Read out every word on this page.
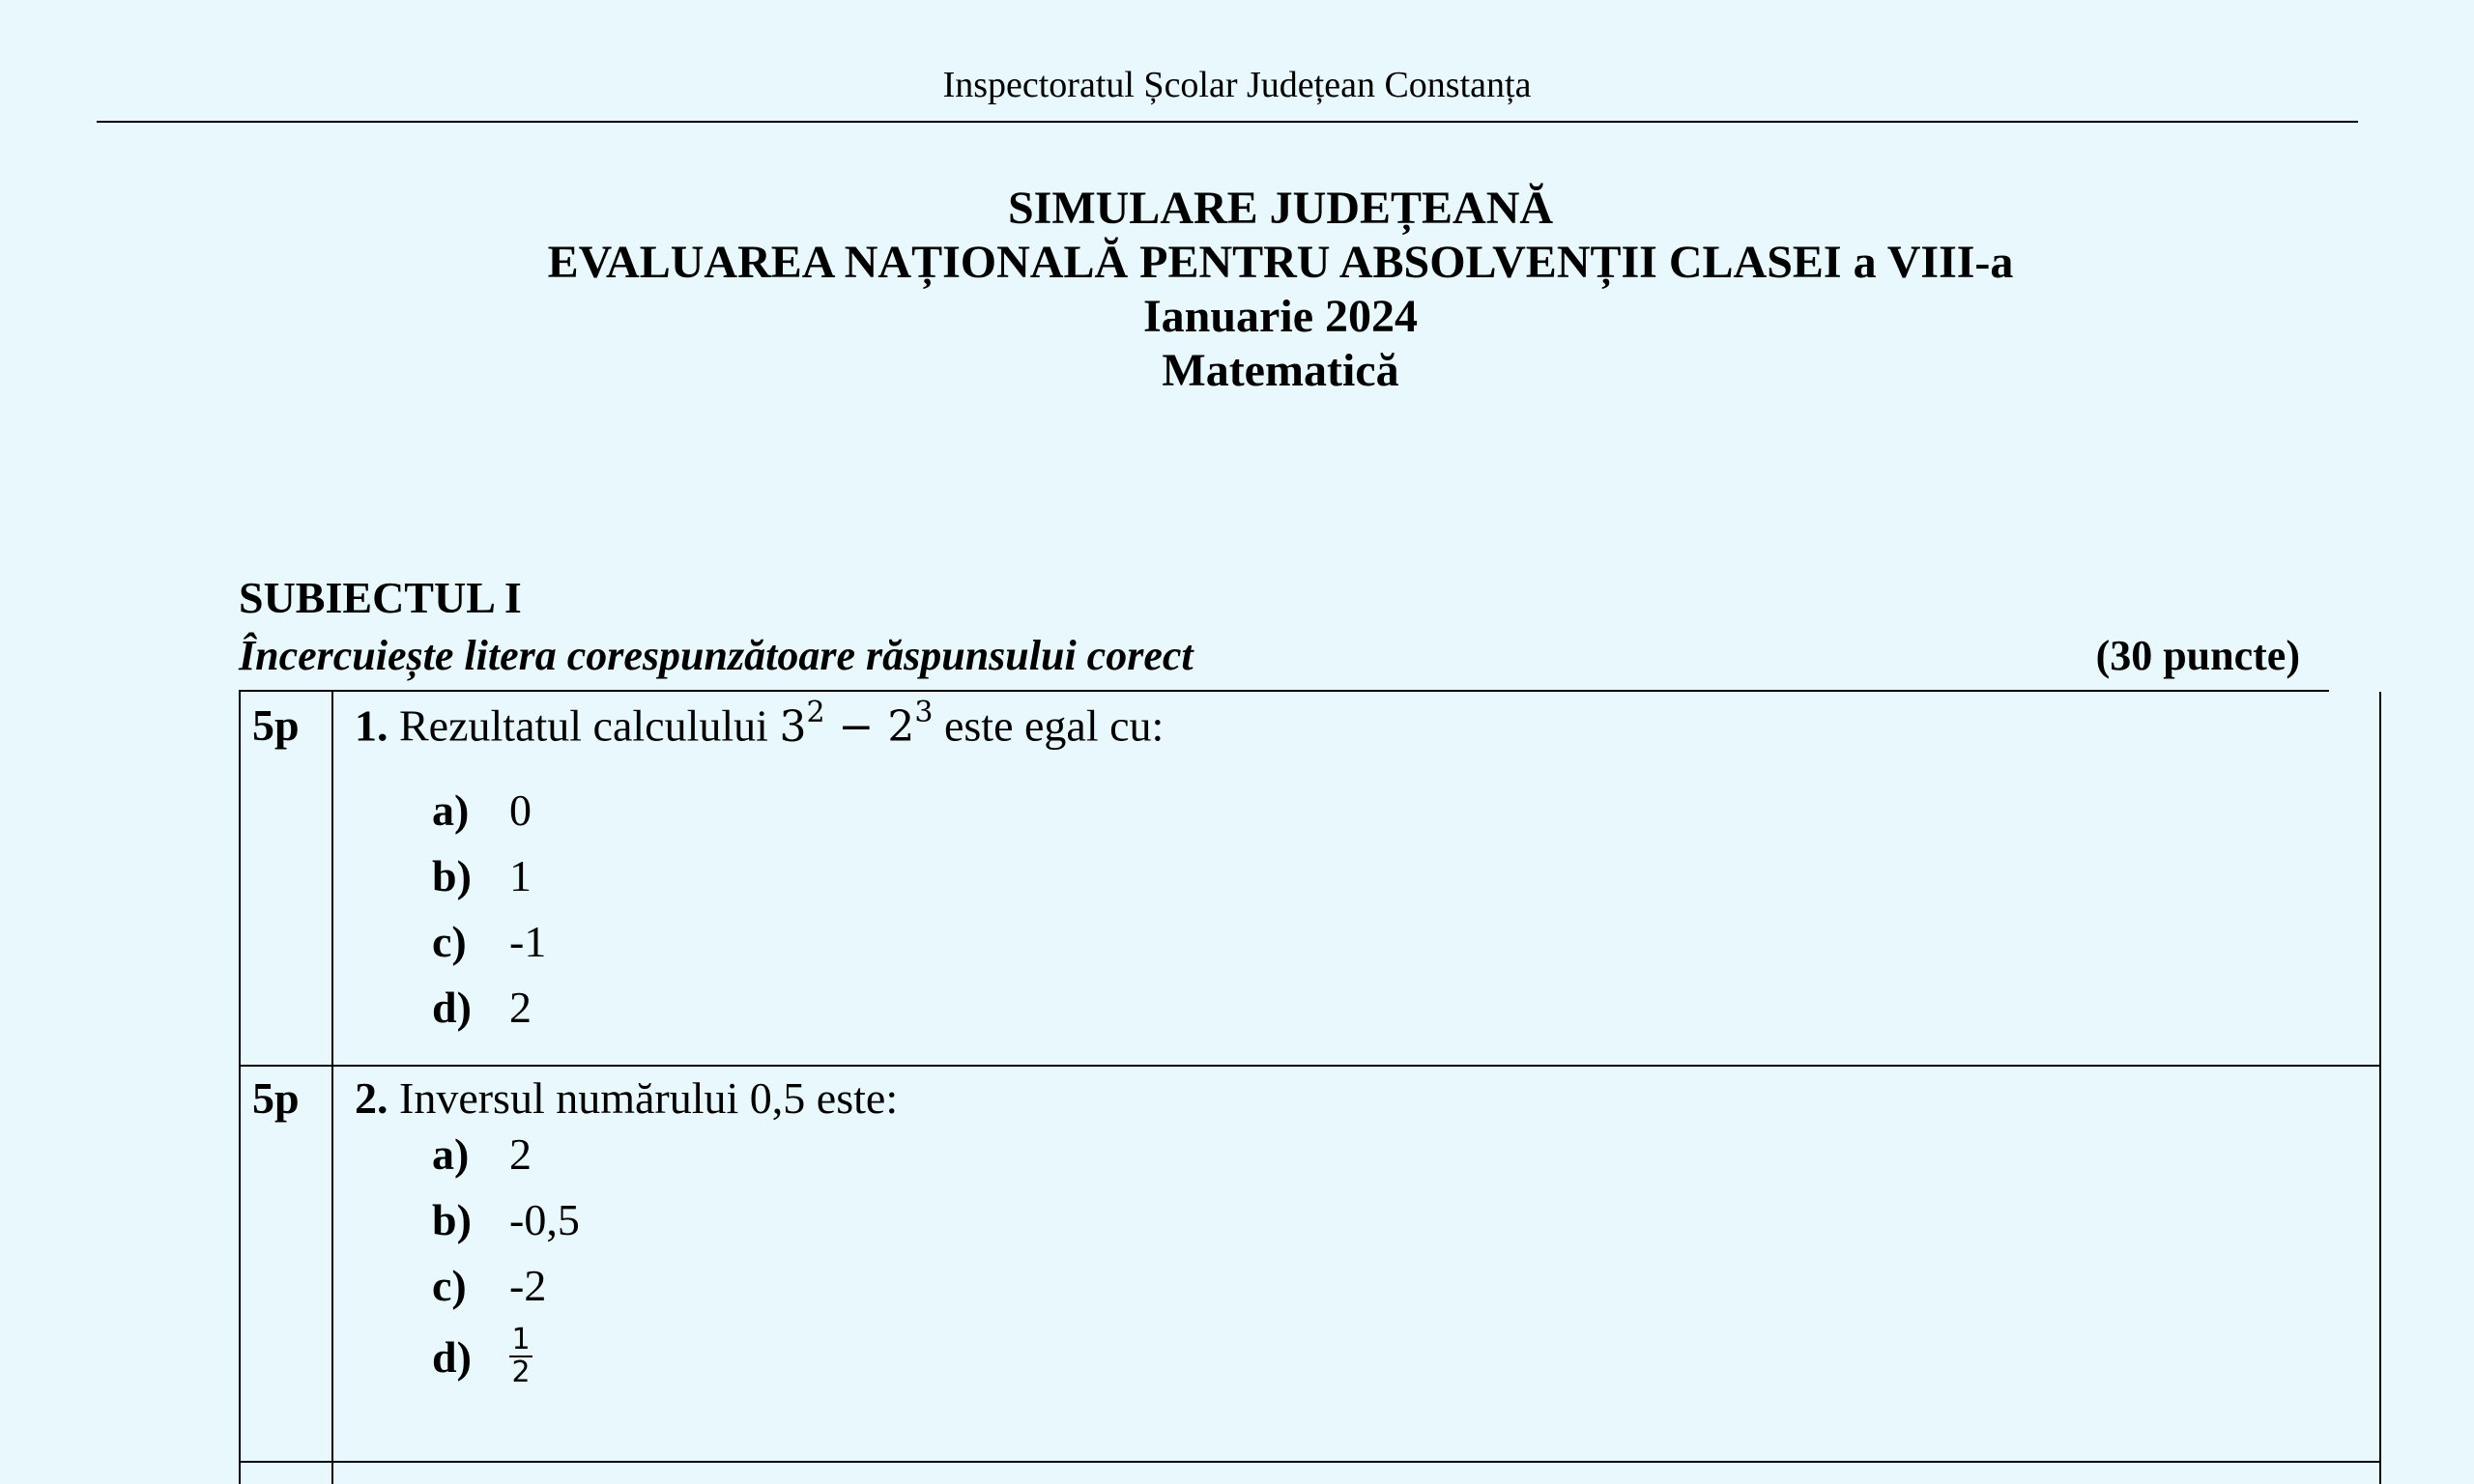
Inspectoratul Școlar Județean Constanța
SIMULARE JUDEȚEANĂ
EVALUAREA NAȚIONALĂ PENTRU ABSOLVENȚII CLASEI a VIII-a
Ianuarie 2024
Matematică
SUBIECTUL I
Încercuiește litera corespunzătoare răspunsului corect	(30 puncte)
5p 1. Rezultatul calculului $3^2 - 2^3$ este egal cu:
a) 0
b) 1
c) -1
d) 2
5p 2. Inversul numărului 0,5 este:
a) 2
b) -0,5
c) -2
d)	$\frac{1}{2}$
